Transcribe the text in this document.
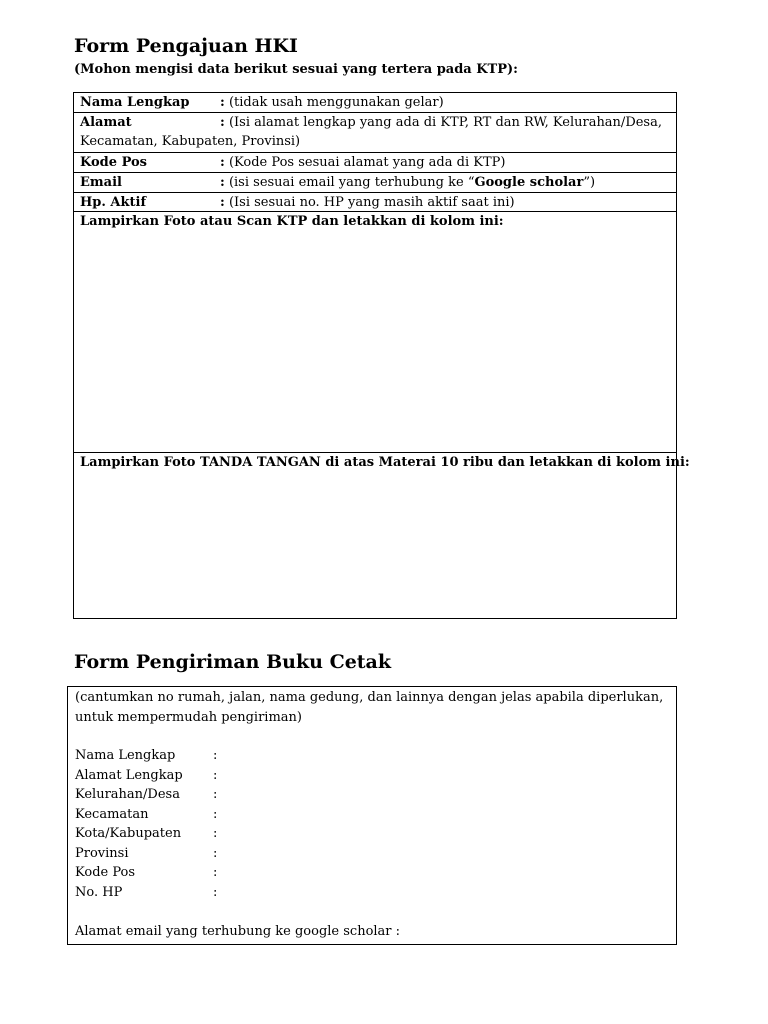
Form Pengajuan HKI
(Mohon mengisi data berikut sesuai yang tertera pada KTP):
Nama Lengkap : (tidak usah menggunakan gelar)
Alamat	: (Isi alamat lengkap yang ada di KTP, RT dan RW, Kelurahan/Desa,
Kecamatan, Kabupaten, Provinsi)
Kode Pos	: (Kode Pos sesuai alamat yang ada di KTP)
Email	: (isi sesuai email yang terhubung ke “Google scholar”)
Hp. Aktif	: (Isi sesuai no. HP yang masih aktif saat ini)
Lampirkan Foto atau Scan KTP dan letakkan di kolom ini:
Lampirkan Foto TANDA TANGAN di atas Materai 10 ribu dan letakkan di kolom ini:
Form Pengiriman Buku Cetak
(cantumkan no rumah, jalan, nama gedung, dan lainnya dengan jelas apabila diperlukan,
untuk mempermudah pengiriman)
Nama Lengkap	:
Alamat Lengkap :
Kelurahan/Desa	:
Kecamatan	:
Kota/Kabupaten :
Provinsi	:
Kode Pos	:
No. HP	:
Alamat email yang terhubung ke google scholar :
